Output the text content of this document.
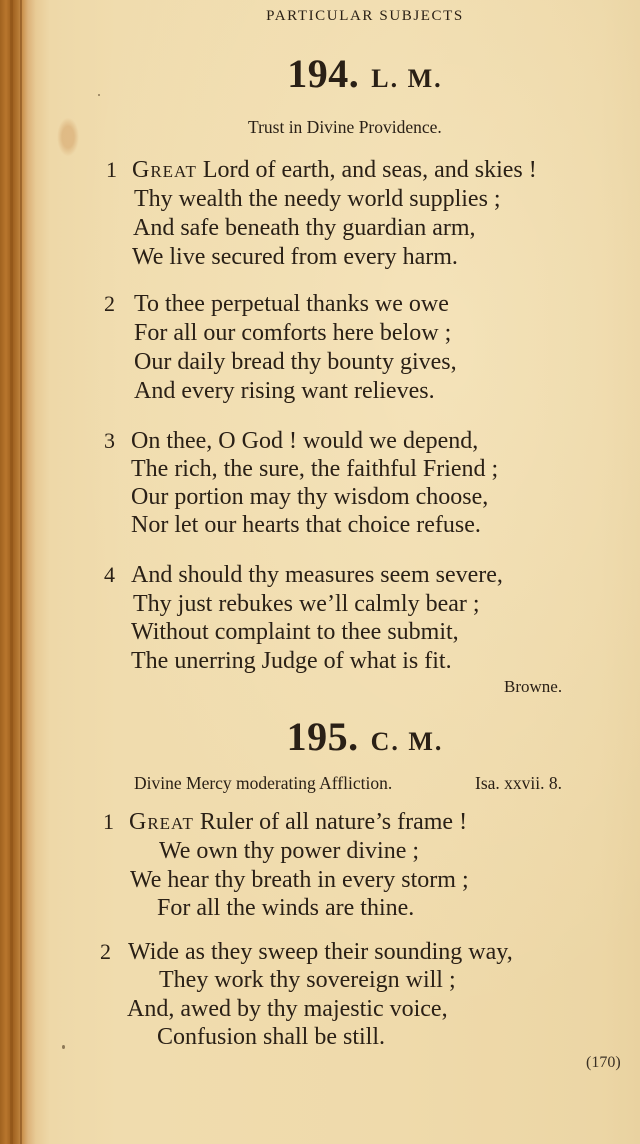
PARTICULAR SUBJECTS
194. L. M.
Trust in Divine Providence.
1 Great Lord of earth, and seas, and skies !
Thy wealth the needy world supplies ;
And safe beneath thy guardian arm,
We live secured from every harm.
2 To thee perpetual thanks we owe
For all our comforts here below ;
Our daily bread thy bounty gives,
And every rising want relieves.
3 On thee, O God ! would we depend,
The rich, the sure, the faithful Friend ;
Our portion may thy wisdom choose,
Nor let our hearts that choice refuse.
4 And should thy measures seem severe,
Thy just rebukes we’ll calmly bear ;
Without complaint to thee submit,
The unerring Judge of what is fit.
Browne.
195. C. M.
Divine Mercy moderating Affliction.	Isa. xxvii. 8.
1 Great Ruler of all nature’s frame !
We own thy power divine ;
We hear thy breath in every storm ;
For all the winds are thine.
2 Wide as they sweep their sounding way,
They work thy sovereign will ;
And, awed by thy majestic voice,
Confusion shall be still.
(170)
